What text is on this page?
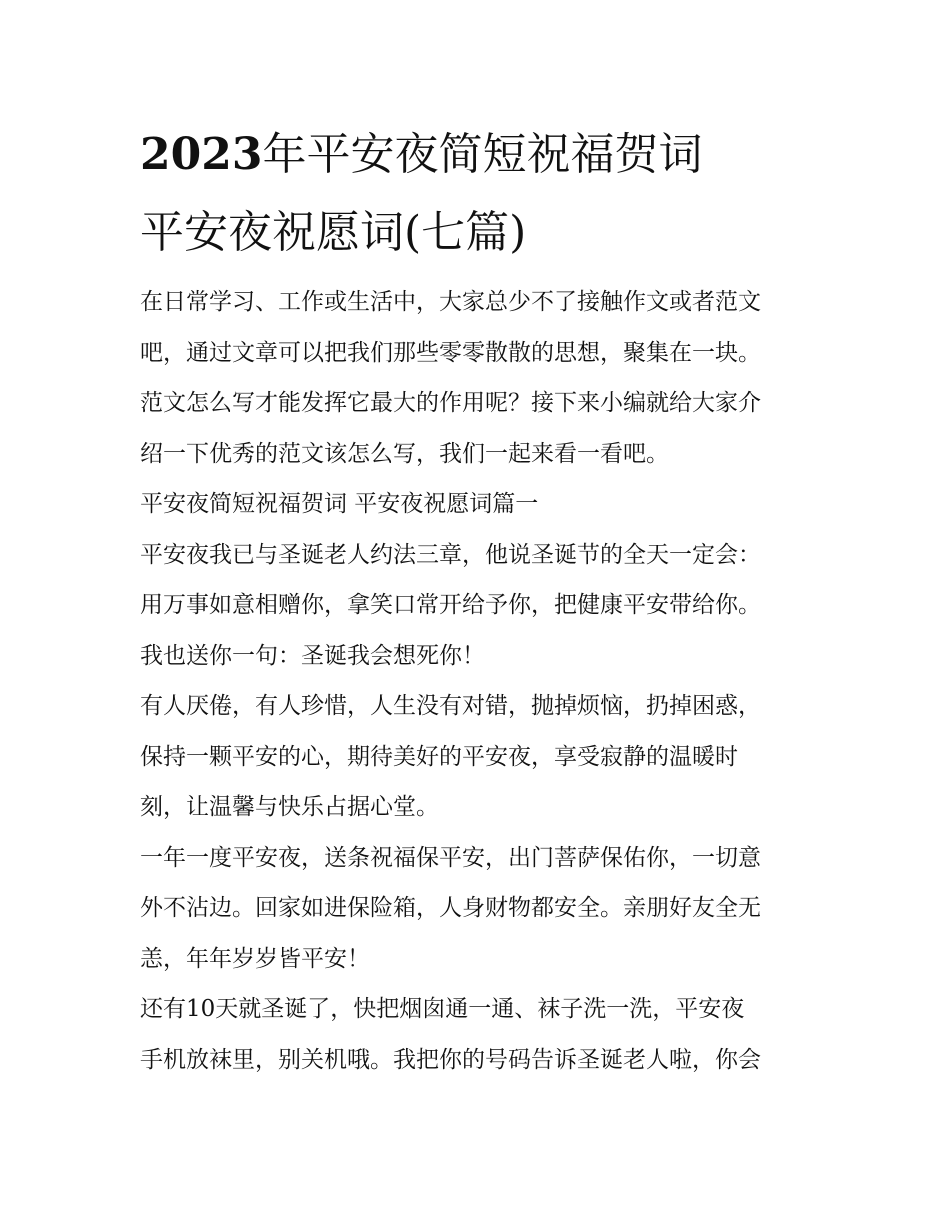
2023年平安夜简短祝福贺词
平安夜祝愿词(七篇)
在日常学习、工作或生活中，大家总少不了接触作文或者范文
吧，通过文章可以把我们那些零零散散的思想，聚集在一块。
范文怎么写才能发挥它最大的作用呢？接下来小编就给大家介
绍一下优秀的范文该怎么写，我们一起来看一看吧。
平安夜简短祝福贺词 平安夜祝愿词篇一
平安夜我已与圣诞老人约法三章，他说圣诞节的全天一定会：
用万事如意相赠你，拿笑口常开给予你，把健康平安带给你。
我也送你一句：圣诞我会想死你！
有人厌倦，有人珍惜，人生没有对错，抛掉烦恼，扔掉困惑，
保持一颗平安的心，期待美好的平安夜，享受寂静的温暖时
刻，让温馨与快乐占据心堂。
一年一度平安夜，送条祝福保平安，出门菩萨保佑你，一切意
外不沾边。回家如进保险箱，人身财物都安全。亲朋好友全无
恙，年年岁岁皆平安！
还有10天就圣诞了，快把烟囱通一通、袜子洗一洗，平安夜
手机放袜里，别关机哦。我把你的号码告诉圣诞老人啦，你会
